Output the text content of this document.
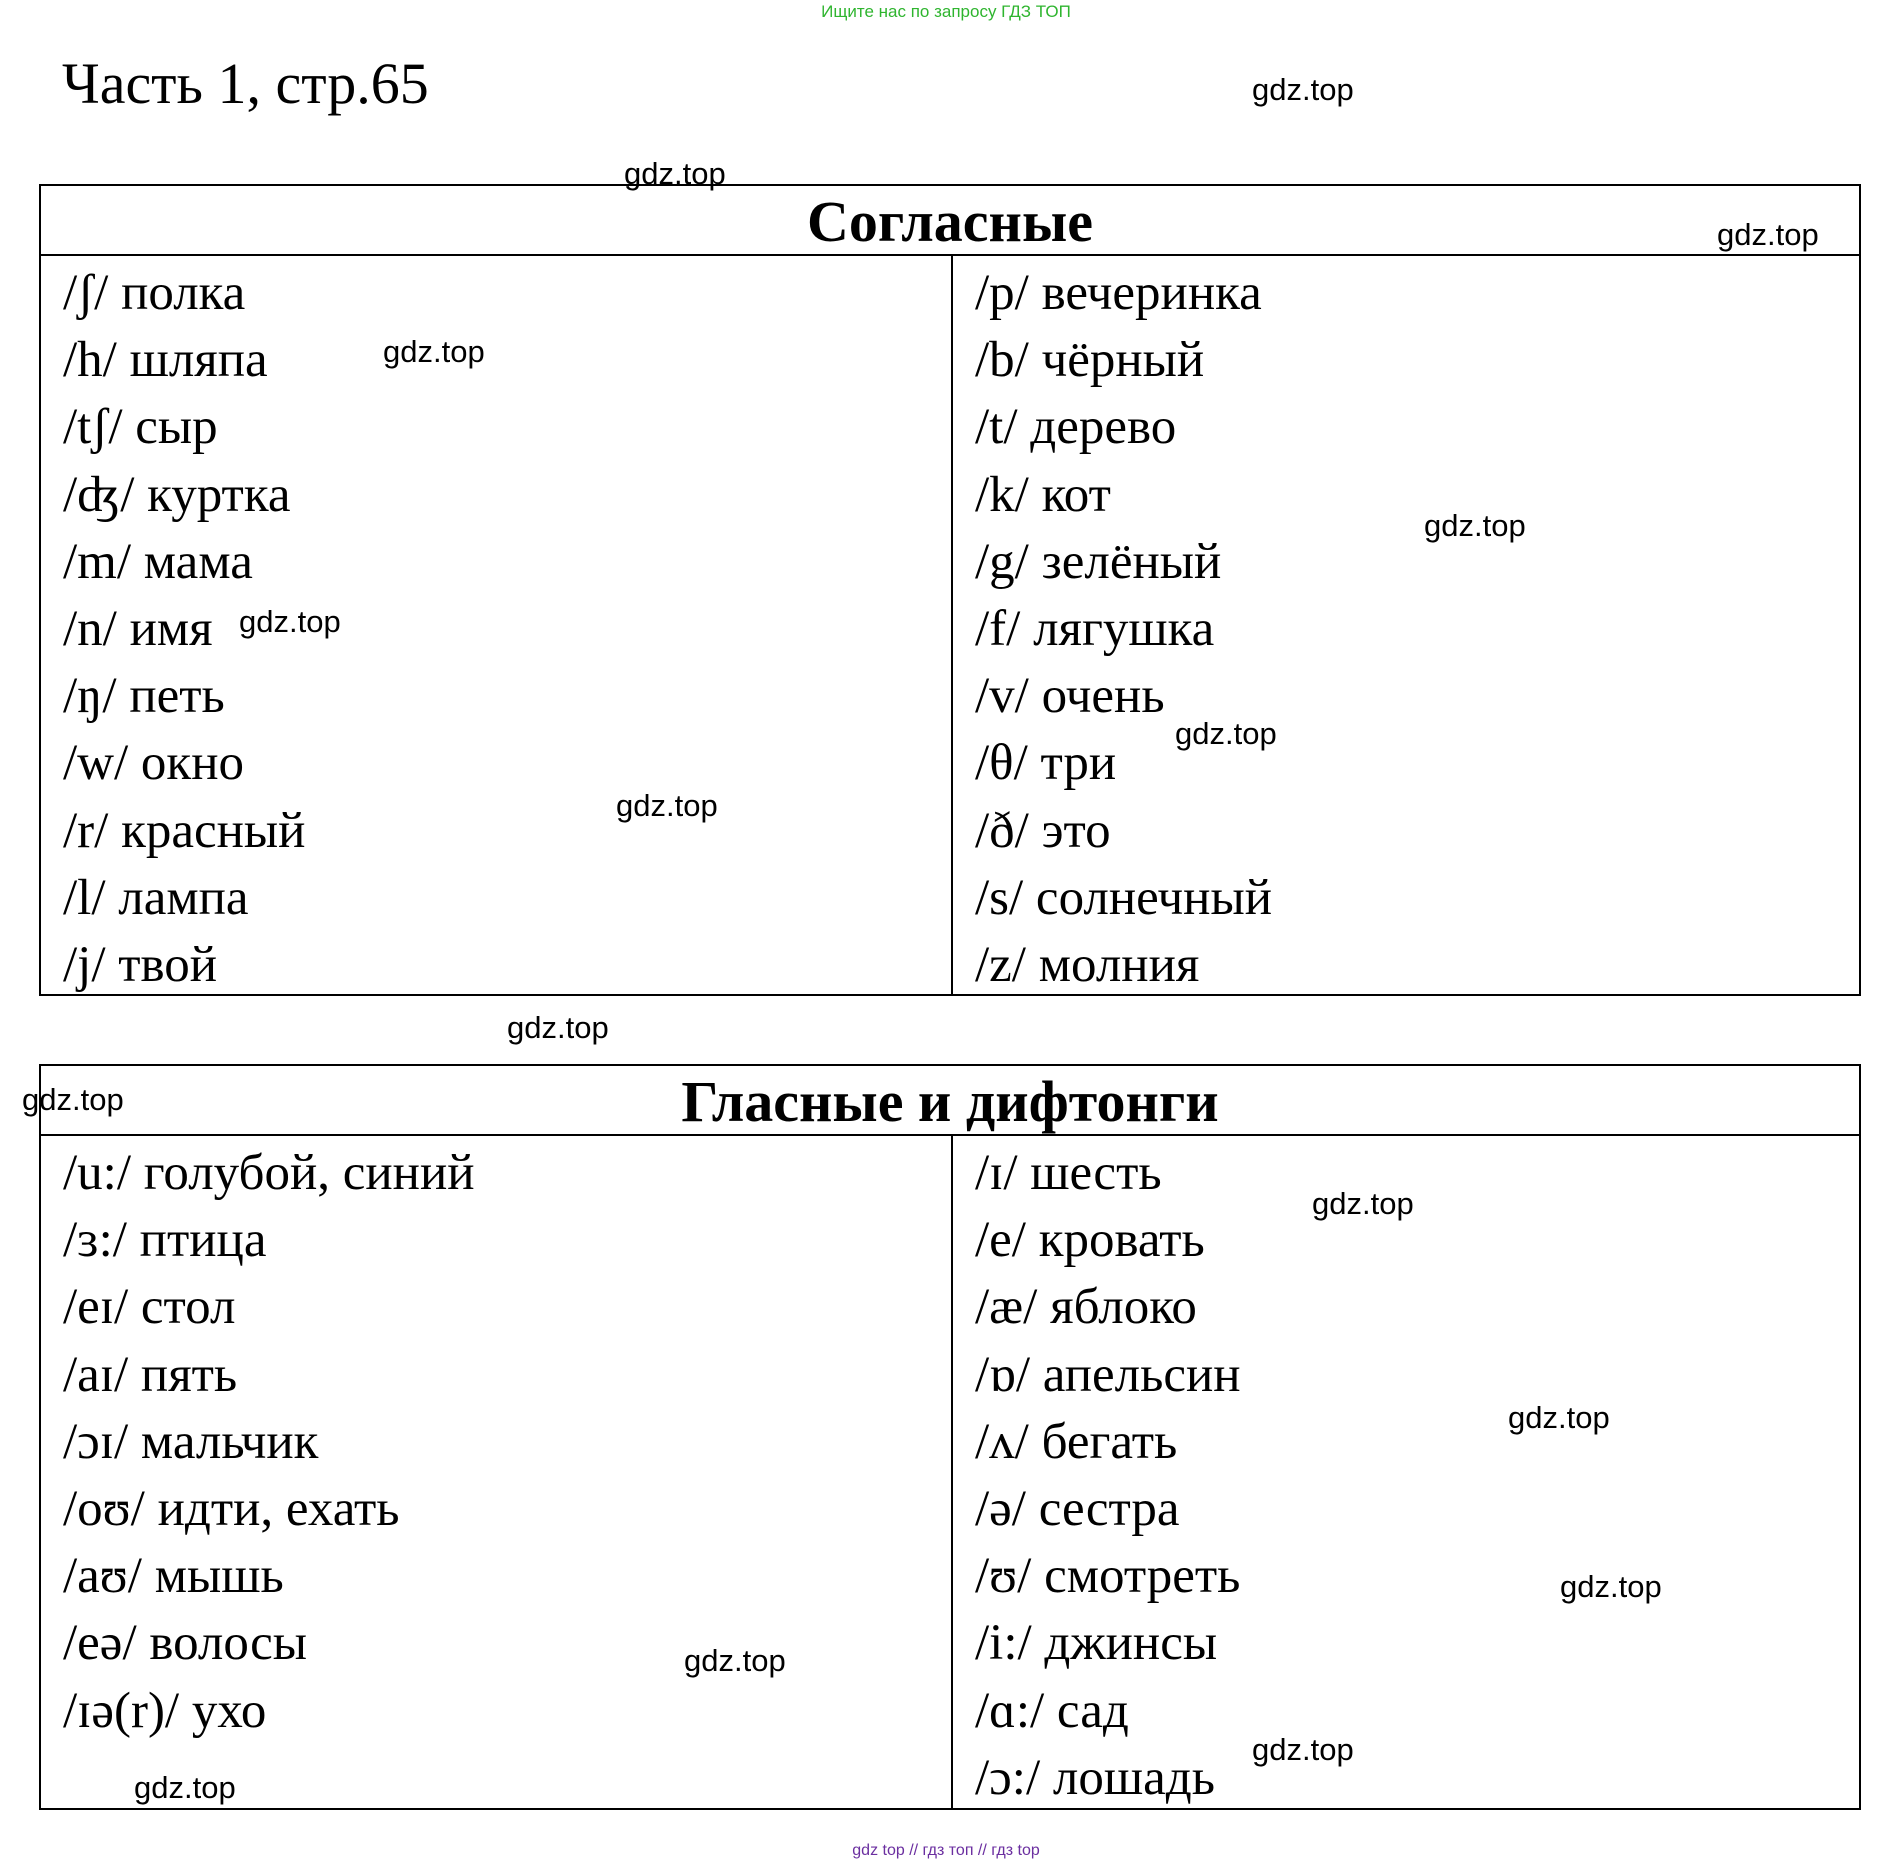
Ищите нас по запросу ГДЗ ТОП
Часть 1, стр.65
Согласные
/ʃ/ полка
/h/ шляпа
/tʃ/ сыр
/ʤ/ куртка
/m/ мама
/n/ имя
/ŋ/ петь
/w/ окно
/r/ красный
/l/ лампа
/j/ твой
/p/ вечеринка
/b/ чёрный
/t/ дерево
/k/ кот
/g/ зелёный
/f/ лягушка
/v/ очень
/θ/ три
/ð/ это
/s/ солнечный
/z/ молния
Гласные и дифтонги
/u:/ голубой, синий
/ɜ:/ птица
/eɪ/ стол
/aɪ/ пять
/ɔɪ/ мальчик
/oʊ/ идти, ехать
/aʊ/ мышь
/eə/ волосы
/ɪə(r)/ ухо
/ɪ/ шесть
/e/ кровать
/æ/ яблоко
/ɒ/ апельсин
/ʌ/ бегать
/ə/ сестра
/ʊ/ смотреть
/i:/ джинсы
/ɑ:/ сад
/ɔ:/ лошадь
gdz.top
gdz.top
gdz.top
gdz.top
gdz.top
gdz.top
gdz.top
gdz.top
gdz.top
gdz.top
gdz.top
gdz.top
gdz.top
gdz.top
gdz.top
gdz.top
gdz top // гдз топ // гдз top
